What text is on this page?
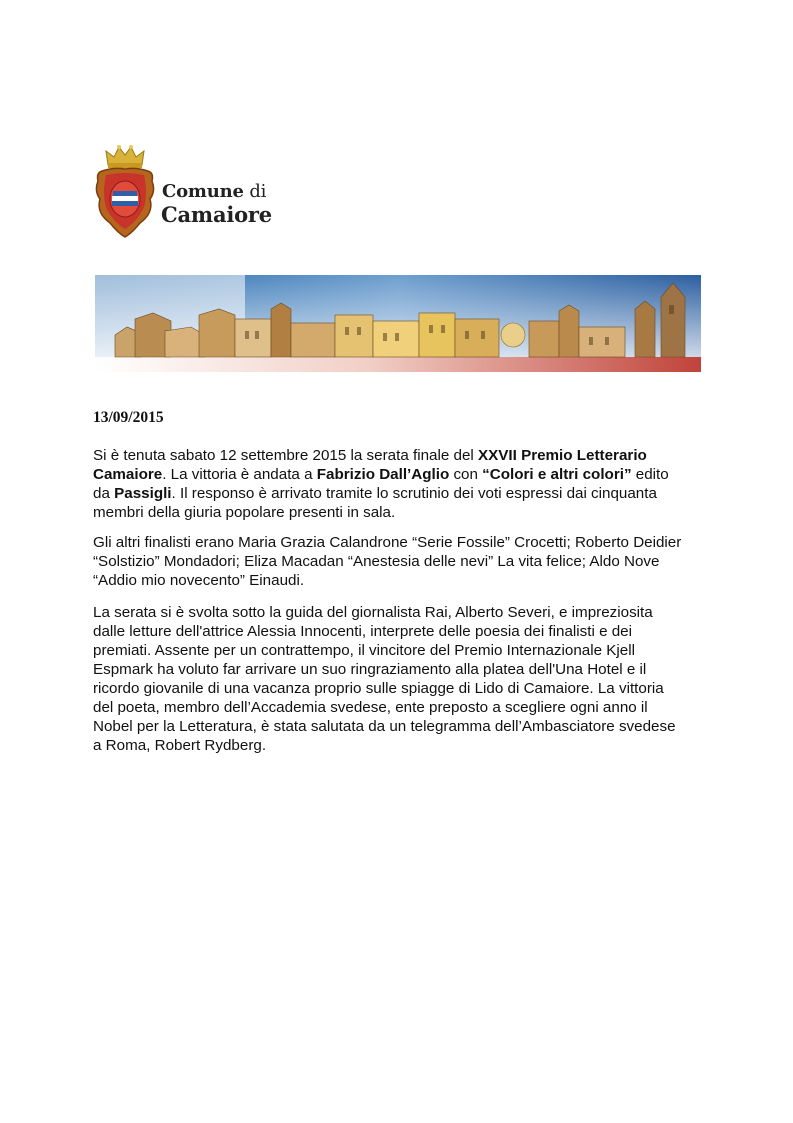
Comune di
Camaiore
13/09/2015
Si è tenuta sabato 12 settembre 2015 la serata finale del XXVII Premio Letterario
Camaiore. La vittoria è andata a Fabrizio Dall’Aglio con “Colori e altri colori” edito
da Passigli. Il responso è arrivato tramite lo scrutinio dei voti espressi dai cinquanta
membri della giuria popolare presenti in sala.
Gli altri finalisti erano Maria Grazia Calandrone “Serie Fossile” Crocetti; Roberto Deidier
“Solstizio” Mondadori; Eliza Macadan “Anestesia delle nevi” La vita felice; Aldo Nove
“Addio mio novecento” Einaudi.
La serata si è svolta sotto la guida del giornalista Rai, Alberto Severi, e impreziosita
dalle letture dell'attrice Alessia Innocenti, interprete delle poesia dei finalisti e dei
premiati. Assente per un contrattempo, il vincitore del Premio Internazionale Kjell
Espmark ha voluto far arrivare un suo ringraziamento alla platea dell'Una Hotel e il
ricordo giovanile di una vacanza proprio sulle spiagge di Lido di Camaiore. La vittoria
del poeta, membro dell’Accademia svedese, ente preposto a scegliere ogni anno il
Nobel per la Letteratura, è stata salutata da un telegramma dell’Ambasciatore svedese
a Roma, Robert Rydberg.
